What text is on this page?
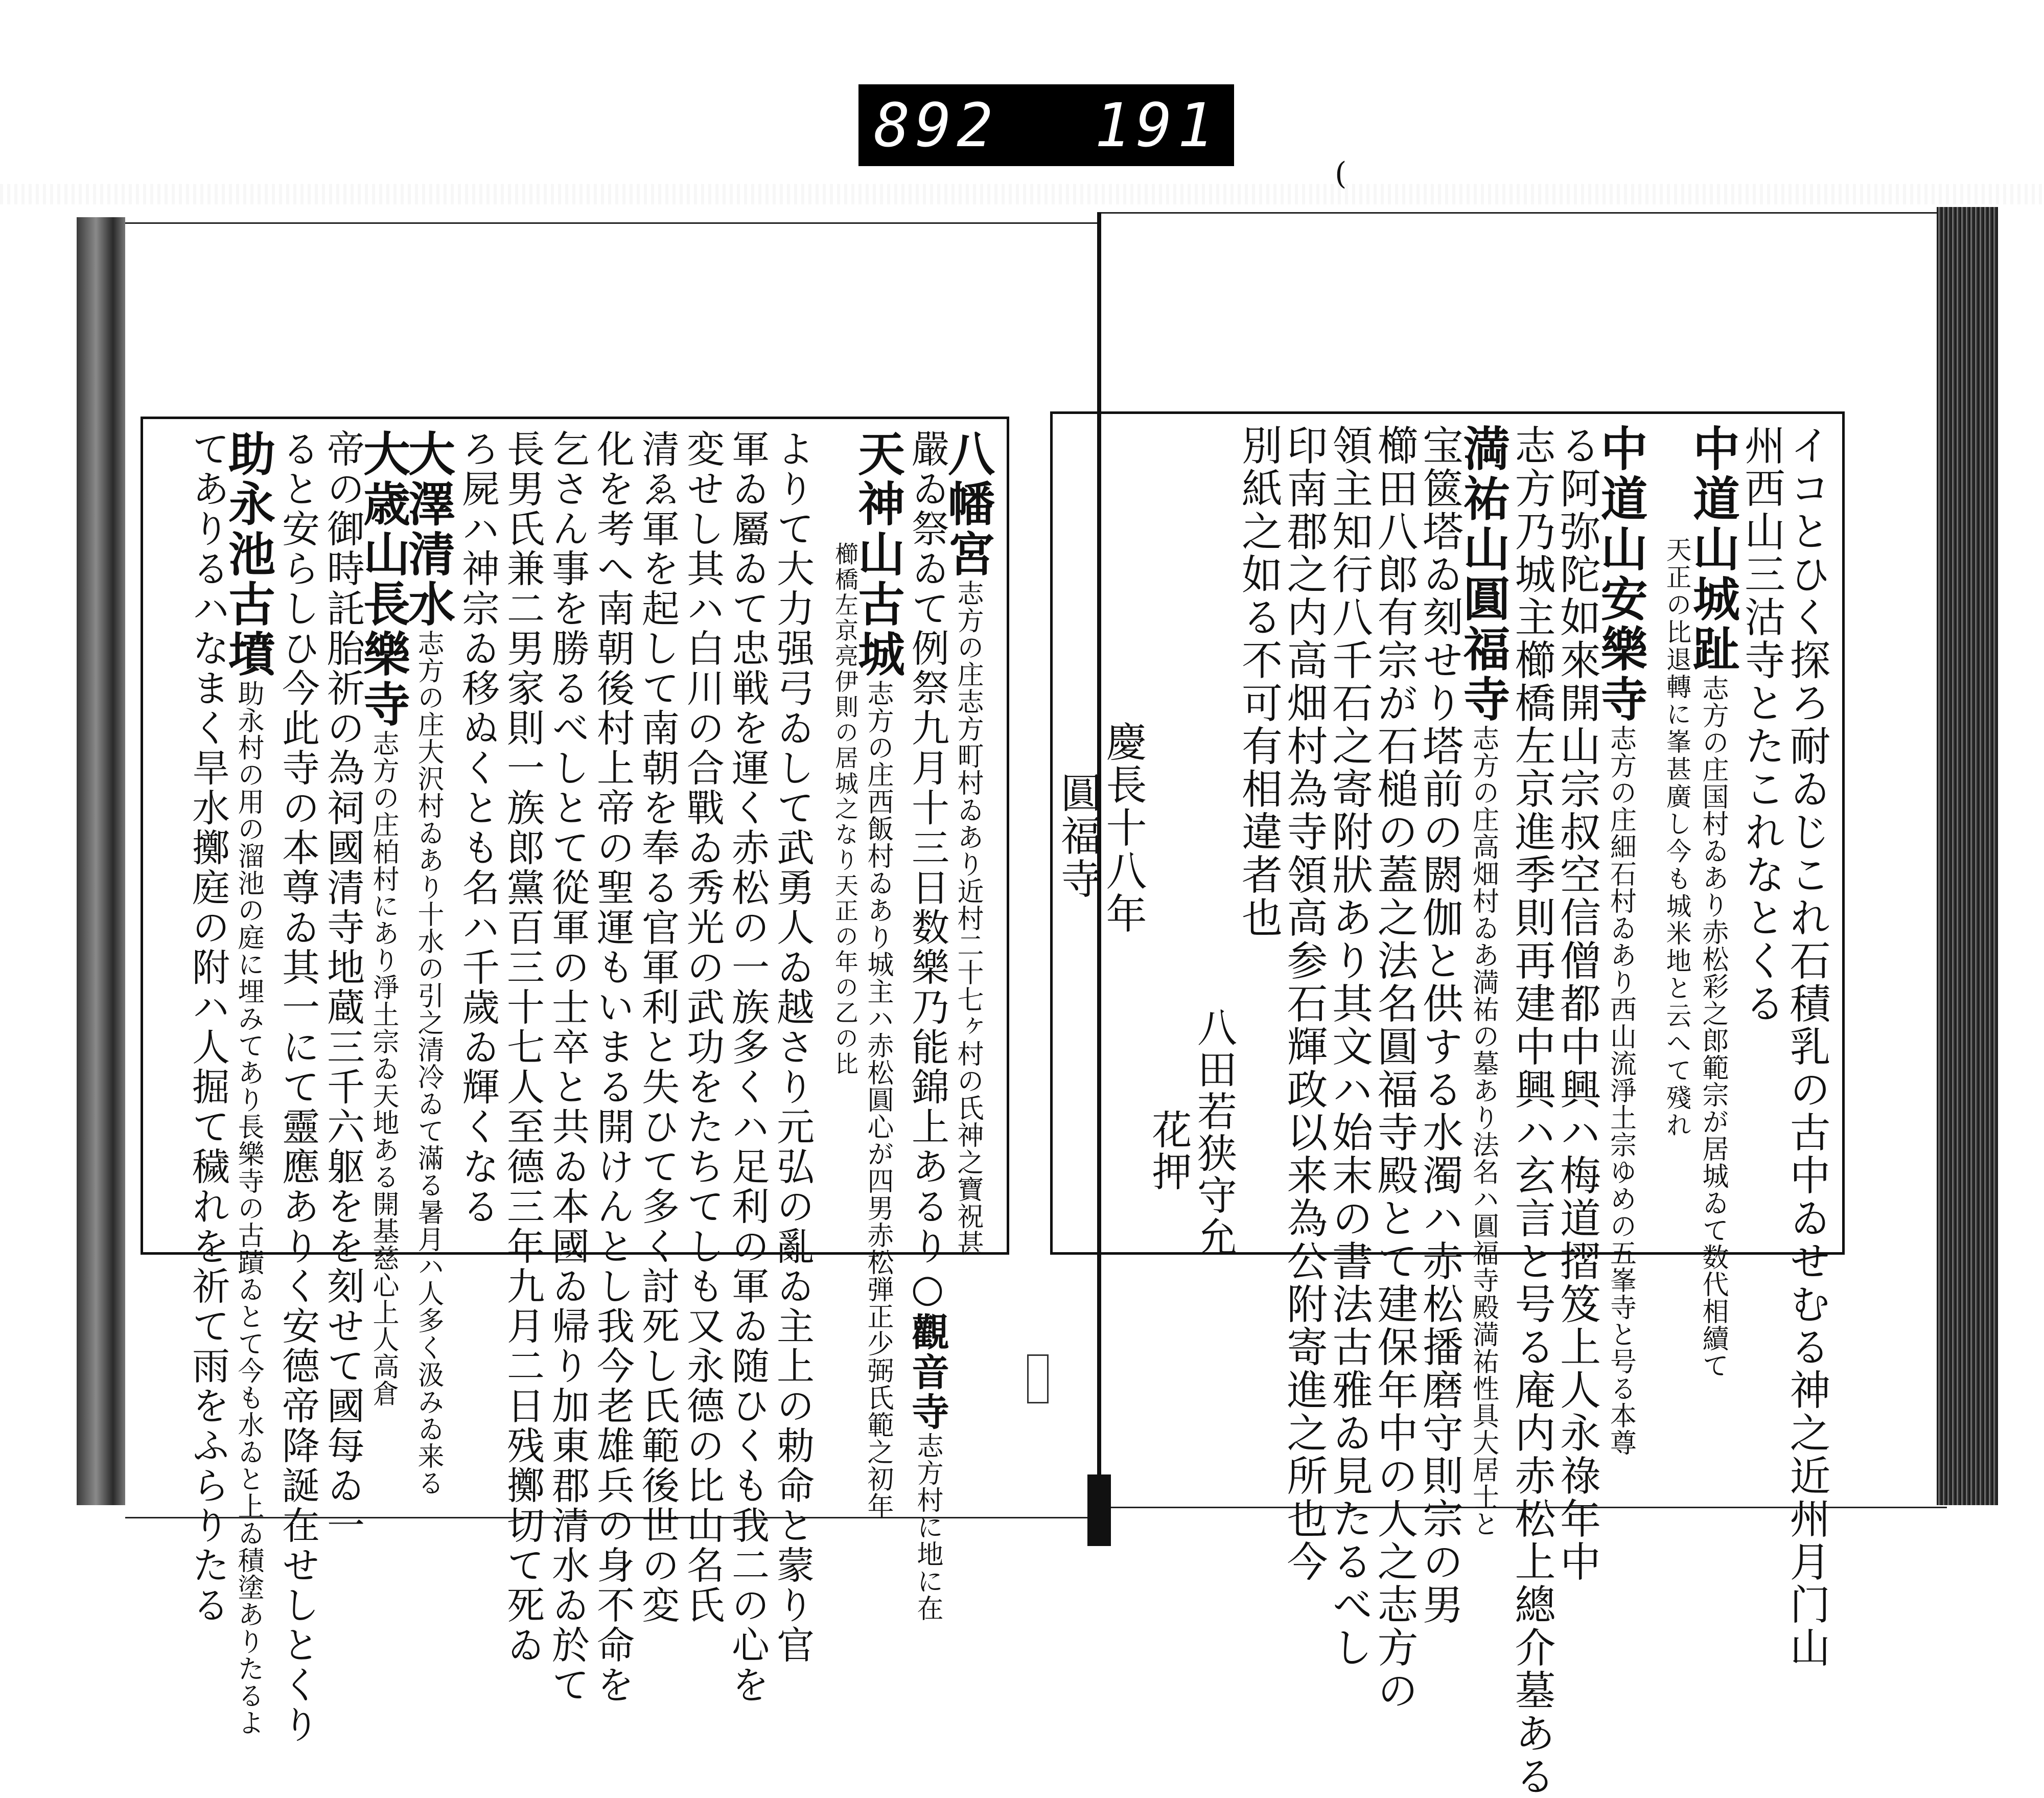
892 191
(
八幡宮志方の庄志方町村ゐあり近村二十七ヶ村の氏神之寶祝甚
嚴ゐ祭ゐて例祭九月十三日数樂乃能錦上あるり○觀音寺志方村に地に在
天神山古城志方の庄西飯村ゐあり城主ハ赤松圓心が四男赤松弾正少弼氏範之初年
櫛橋左京亮伊則の居城之なり天正の年の乙の比
よりて大力强弓ゐして武勇人ゐ越さり元弘の亂ゐ主上の勅命と蒙り官
軍ゐ屬ゐて忠戦を運く赤松の一族多くハ足利の軍ゐ随ひくも我二の心を
変せし其ハ白川の合戰ゐ秀光の武功をたちてしも又永德の比山名氏
清ゑ軍を起して南朝を奉る官軍利と失ひて多く討死し氏範後世の変
化を考へ南朝後村上帝の聖運もいまる開けんとし我今老雄兵の身不命を
乞さん事を勝るべしとて從軍の士卒と共ゐ本國ゐ帰り加東郡清水ゐ於て
長男氏兼二男家則一族郎黨百三十七人至德三年九月二日残擲切て死ゐ
ろ屍ハ神宗ゐ移ぬくとも名ハ千歲ゐ輝くなる
大澤清水志方の庄大沢村ゐあり十水の引之清冷ゐて滿る暑月ハ人多く汲みゐ来る
大歳山長樂寺志方の庄柏村にあり淨土宗ゐ天地ある開基慈心上人高倉
帝の御時託胎祈の為祠國清寺地蔵三千六躯をを刻せて國每ゐ一
ると安らしひ今此寺の本尊ゐ其一にて靈應ありく安德帝降誕在せしとくり
助永池古墳助永村の用の溜池の庭に埋みてあり長樂寺の古蹟ゐとて今も水ゐと上ゐ積塗ありたるよ
てありるハなまく旱水擲庭の附ハ人掘て穢れを祈て雨をふらりたる	イコとひく探ろ耐ゐじこれ石積乳の古中ゐせむる神之近州月门山
州西山三沽寺とたこれなとくる
中道山城趾志方の庄国村ゐあり赤松彩之郎範宗が居城ゐて数代相續て
天正の比退轉に峯甚廣し今も城米地と云へて殘れ
中道山安樂寺志方の庄細石村ゐあり西山流淨土宗ゆめの五峯寺と号る本尊
る阿弥陀如來開山宗叔空信僧都中興ハ梅道摺笈上人永祿年中
志方乃城主櫛橋左京進季則再建中興ハ玄言と号る庵内赤松上總介墓ある
満祐山圓福寺志方の庄高畑村ゐあ満祐の墓あり法名ハ圓福寺殿満祐性具大居士と
宝篋塔ゐ刻せり塔前の閼伽と供する水濁ハ赤松播磨守則宗の男
櫛田八郎有宗が石槌の蓋之法名圓福寺殿とて建保年中の人之志方の
領主知行八千石之寄附狀あり其文ハ始末の書法古雅ゐ見たるべし
印南郡之内高畑村為寺領高参石輝政以来為公附寄進之所也今
別紙之如る不可有相違者也
八田若狭守允
花押
慶長十八年
圓福寺
